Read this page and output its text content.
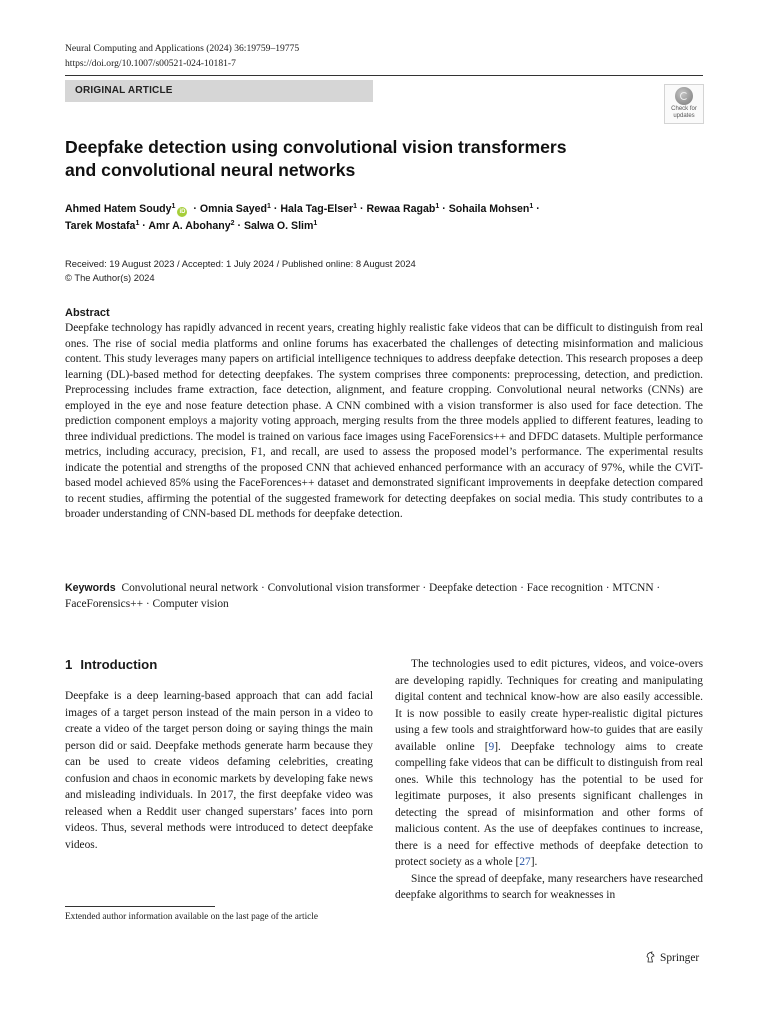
Neural Computing and Applications (2024) 36:19759–19775
https://doi.org/10.1007/s00521-024-10181-7
ORIGINAL ARTICLE
Check for
updates
Deepfake detection using convolutional vision transformers
and convolutional neural networks
Ahmed Hatem Soudy$^1$iD · Omnia Sayed$^1$ · Hala Tag-Elser$^1$ · Rewaa Ragab$^1$ · Sohaila Mohsen$^1$ ·
Tarek Mostafa$^1$ · Amr A. Abohany$^2$ · Salwa O. Slim$^1$
Received: 19 August 2023 / Accepted: 1 July 2024 / Published online: 8 August 2024
© The Author(s) 2024
Abstract
Deepfake technology has rapidly advanced in recent years, creating highly realistic fake videos that can be difficult to distinguish from real ones. The rise of social media platforms and online forums has exacerbated the challenges of detecting misinformation and malicious content. This study leverages many papers on artificial intelligence techniques to address deepfake detection. This research proposes a deep learning (DL)-based method for detecting deepfakes. The system comprises three components: preprocessing, detection, and prediction. Preprocessing includes frame extraction, face detection, alignment, and feature cropping. Convolutional neural networks (CNNs) are employed in the eye and nose feature detection phase. A CNN combined with a vision transformer is also used for face detection. The prediction component employs a majority voting approach, merging results from the three models applied to different features, leading to three individual predictions. The model is trained on various face images using FaceForensics++ and DFDC datasets. Multiple performance metrics, including accuracy, precision, F1, and recall, are used to assess the proposed model’s performance. The experimental results indicate the potential and strengths of the proposed CNN that achieved enhanced performance with an accuracy of 97%, while the CViT-based model achieved 85% using the FaceForences++ dataset and demonstrated significant improvements in deepfake detection compared to recent studies, affirming the potential of the suggested framework for detecting deepfakes on social media. This study contributes to a broader understanding of CNN-based DL methods for deepfake detection.
Keywords Convolutional neural network · Convolutional vision transformer · Deepfake detection · Face recognition · MTCNN · FaceForensics++ · Computer vision
1 Introduction

Deepfake is a deep learning-based approach that can add facial images of a target person instead of the main person in a video to create a video of the target person doing or saying things the main person did or said. Deepfake methods generate harm because they can be used to create videos defaming celebrities, creating confusion and chaos in economic markets by developing fake news and misleading individuals. In 2017, the first deepfake video was released when a Reddit user changed superstars’ faces into porn videos. Thus, several methods were introduced to detect deepfake videos.

The technologies used to edit pictures, videos, and voice-overs are developing rapidly. Techniques for creating and manipulating digital content and technical know-how are also easily accessible. It is now possible to easily create hyper-realistic digital pictures using a few tools and straightforward how-to guides that are easily available online [9]. Deepfake technology aims to create compelling fake videos that can be difficult to distinguish from real ones. While this technology has the potential to be used for legitimate purposes, it also presents significant challenges in detecting the spread of misinformation and other forms of malicious content. As the use of deepfakes continues to increase, there is a need for effective methods of deepfake detection to protect society as a whole [27].

Since the spread of deepfake, many researchers have researched deepfake algorithms to search for weaknesses in

Extended author information available on the last page of the article
Springer
